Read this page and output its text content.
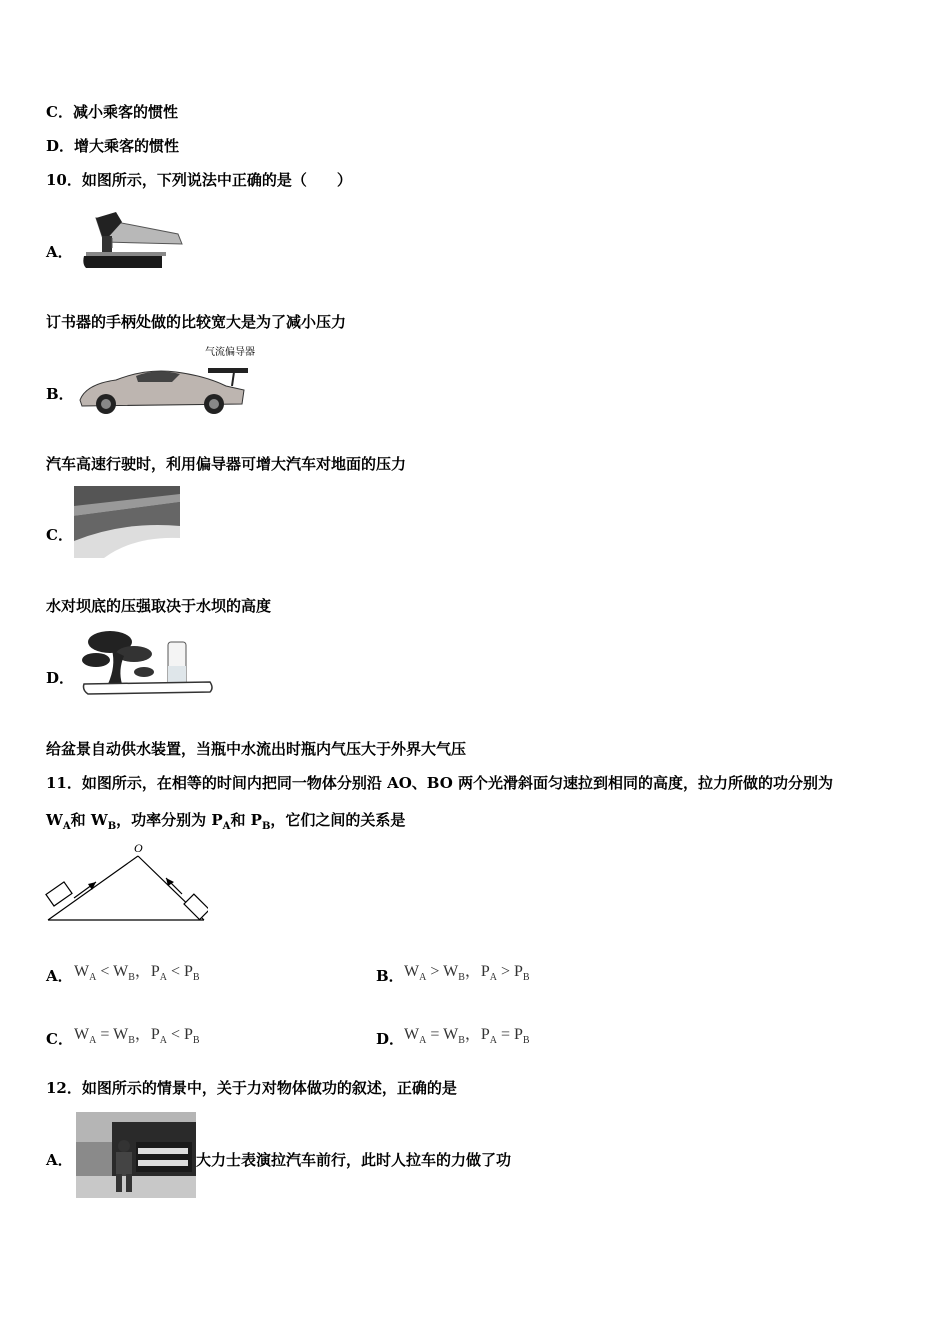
C．减小乘客的惯性
D．增大乘客的惯性
10．如图所示，下列说法中正确的是（　　）
A．
订书器的手柄处做的比较宽大是为了减小压力
气流偏导器
B．
汽车高速行驶时，利用偏导器可增大汽车对地面的压力
C．
水对坝底的压强取决于水坝的高度
D．
给盆景自动供水装置，当瓶中水流出时瓶内气压大于外界大气压
11．如图所示，在相等的时间内把同一物体分别沿 AO、BO 两个光滑斜面匀速拉到相同的高度，拉力所做的功分别为
$W_A$和 $W_B$，功率分别为 $P_A$和 $P_B$，它们之间的关系是
O
A． $W_A < W_B$，$P_A < P_B$	B． $W_A > W_B$，$P_A > P_B$
C． $W_A = W_B$，$P_A < P_B$	D． $W_A = W_B$，$P_A = P_B$
12．如图所示的情景中，关于力对物体做功的叙述，正确的是
A．	大力士表演拉汽车前行，此时人拉车的力做了功
